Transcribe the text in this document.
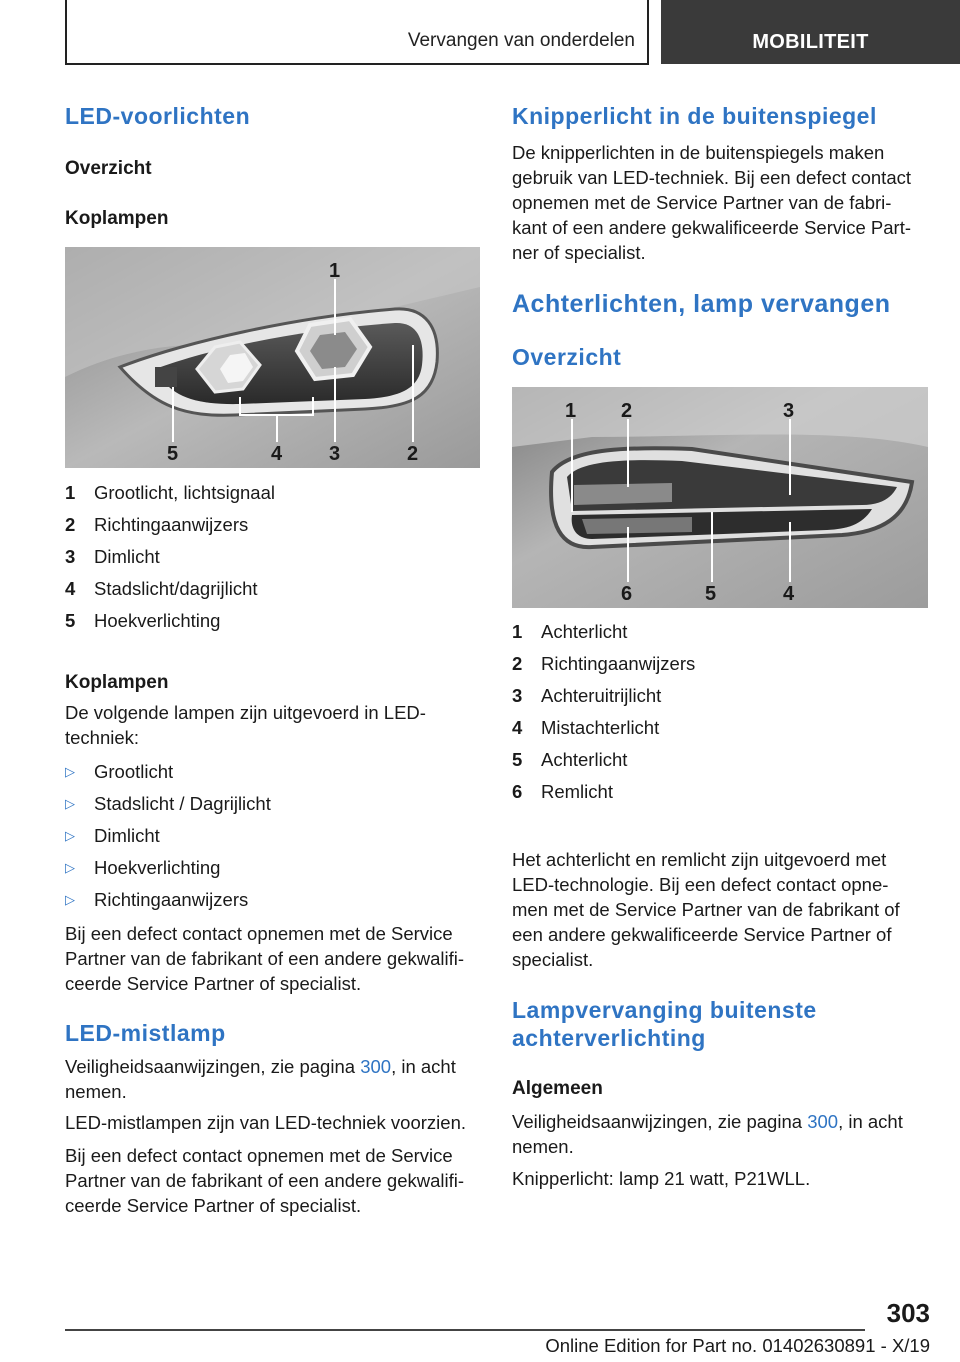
Vervangen van onderdelen	MOBILITEIT
LED-voorlichten
Overzicht
Koplampen
1
2
3
4
5
1 Grootlicht, lichtsignaal
2 Richtingaanwijzers
3 Dimlicht
4 Stadslicht/dagrijlicht
5 Hoekverlichting
Koplampen
De volgende lampen zijn uitgevoerd in LED-
techniek:
▷ Grootlicht
▷ Stadslicht / Dagrijlicht
▷ Dimlicht
▷ Hoekverlichting
▷ Richtingaanwijzers
Bij een defect contact opnemen met de Service
Partner van de fabrikant of een andere gekwalifi-
ceerde Service Partner of specialist.
LED-mistlamp
Veiligheidsaanwijzingen, zie pagina 300, in acht
nemen.
LED-mistlampen zijn van LED-techniek voorzien.
Bij een defect contact opnemen met de Service
Partner van de fabrikant of een andere gekwalifi-
ceerde Service Partner of specialist.
Knipperlicht in de buitenspiegel
De knipperlichten in de buitenspiegels maken
gebruik van LED-techniek. Bij een defect contact
opnemen met de Service Partner van de fabri-
kant of een andere gekwalificeerde Service Part-
ner of specialist.
Achterlichten, lamp vervangen
Overzicht
1 2	3
4
5
6
1 Achterlicht
2 Richtingaanwijzers
3 Achteruitrijlicht
4 Mistachterlicht
5 Achterlicht
6 Remlicht
Het achterlicht en remlicht zijn uitgevoerd met
LED-technologie. Bij een defect contact opne-
men met de Service Partner van de fabrikant of
een andere gekwalificeerde Service Partner of
specialist.
Lampvervanging buitenste
achterverlichting
Algemeen
Veiligheidsaanwijzingen, zie pagina 300, in acht
nemen.
Knipperlicht: lamp 21 watt, P21WLL.
303
Online Edition for Part no. 01402630891 - X/19
